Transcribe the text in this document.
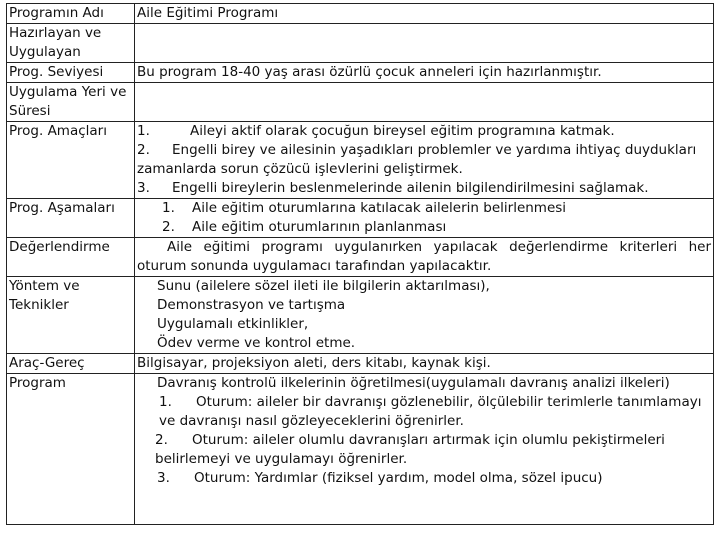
Programın Adı	Aile Eğitimi Programı
Hazırlayan ve Uygulayan	
Prog. Seviyesi	Bu program 18-40 yaş arası özürlü çocuk anneleri için hazırlanmıştır.
Uygulama Yeri ve Süresi	
Prog. Amaçları	1. Aileyi aktif olarak çocuğun bireysel eğitim programına katmak.
2. Engelli birey ve ailesinin yaşadıkları problemler ve yardıma ihtiyaç duydukları zamanlarda sorun çözücü işlevlerini geliştirmek.
3. Engelli bireylerin beslenmelerinde ailenin bilgilendirilmesini sağlamak.

Prog. Aşamaları	1. Aile eğitim oturumlarına katılacak ailelerin belirlenmesi
2. Aile eğitim oturumlarının planlanması

Değerlendirme	Aile eğitimi programı uygulanırken yapılacak değerlendirme kriterleri her oturum sonunda uygulamacı tarafından yapılacaktır.
Yöntem ve Teknikler	Sunu (ailelere sözel ileti ile bilgilerin aktarılması),
Demonstrasyon ve tartışma
Uygulamalı etkinlikler,
Ödev verme ve kontrol etme.

Araç-Gereç	Bilgisayar, projeksiyon aleti, ders kitabı, kaynak kişi.
Program	Davranış kontrolü ilkelerinin öğretilmesi(uygulamalı davranış analizi ilkeleri)
1. Oturum: aileler bir davranışı gözlenebilir, ölçülebilir terimlerle tanımlamayı ve davranışı nasıl gözleyeceklerini öğrenirler.
2. Oturum: aileler olumlu davranışları artırmak için olumlu pekiştirmeleri belirlemeyi ve uygulamayı öğrenirler.
3. Oturum: Yardımlar (fiziksel yardım, model olma, sözel ipucu)
